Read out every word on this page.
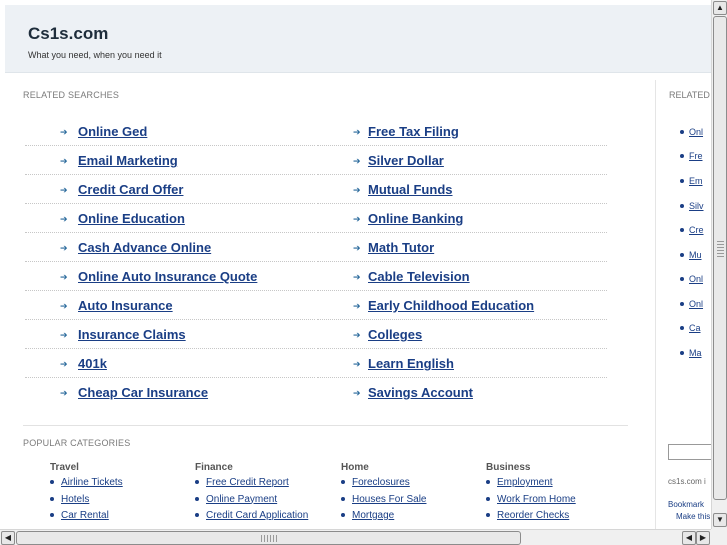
Cs1s.com
What you need, when you need it
RELATED SEARCHES
➔ Online Ged
➔ Email Marketing
➔ Credit Card Offer
➔ Online Education
➔ Cash Advance Online
➔ Online Auto Insurance Quote
➔ Auto Insurance
➔ Insurance Claims
➔ 401k
➔ Cheap Car Insurance
➔ Free Tax Filing
➔ Silver Dollar
➔ Mutual Funds
➔ Online Banking
➔ Math Tutor
➔ Cable Television
➔ Early Childhood Education
➔ Colleges
➔ Learn English
➔ Savings Account
POPULAR CATEGORIES
Travel
Airline Tickets
Hotels
Car Rental
Finance
Free Credit Report
Online Payment
Credit Card Application
Home
Foreclosures
Houses For Sale
Mortgage
Business
Employment
Work From Home
Reorder Checks
RELATED
Onl
Fre
Em
Silv
Cre
Mu
Onl
Onl
Ca
Ma
cs1s.com i
Bookmark
Make this
▲
▼
◀	◀ ▶
